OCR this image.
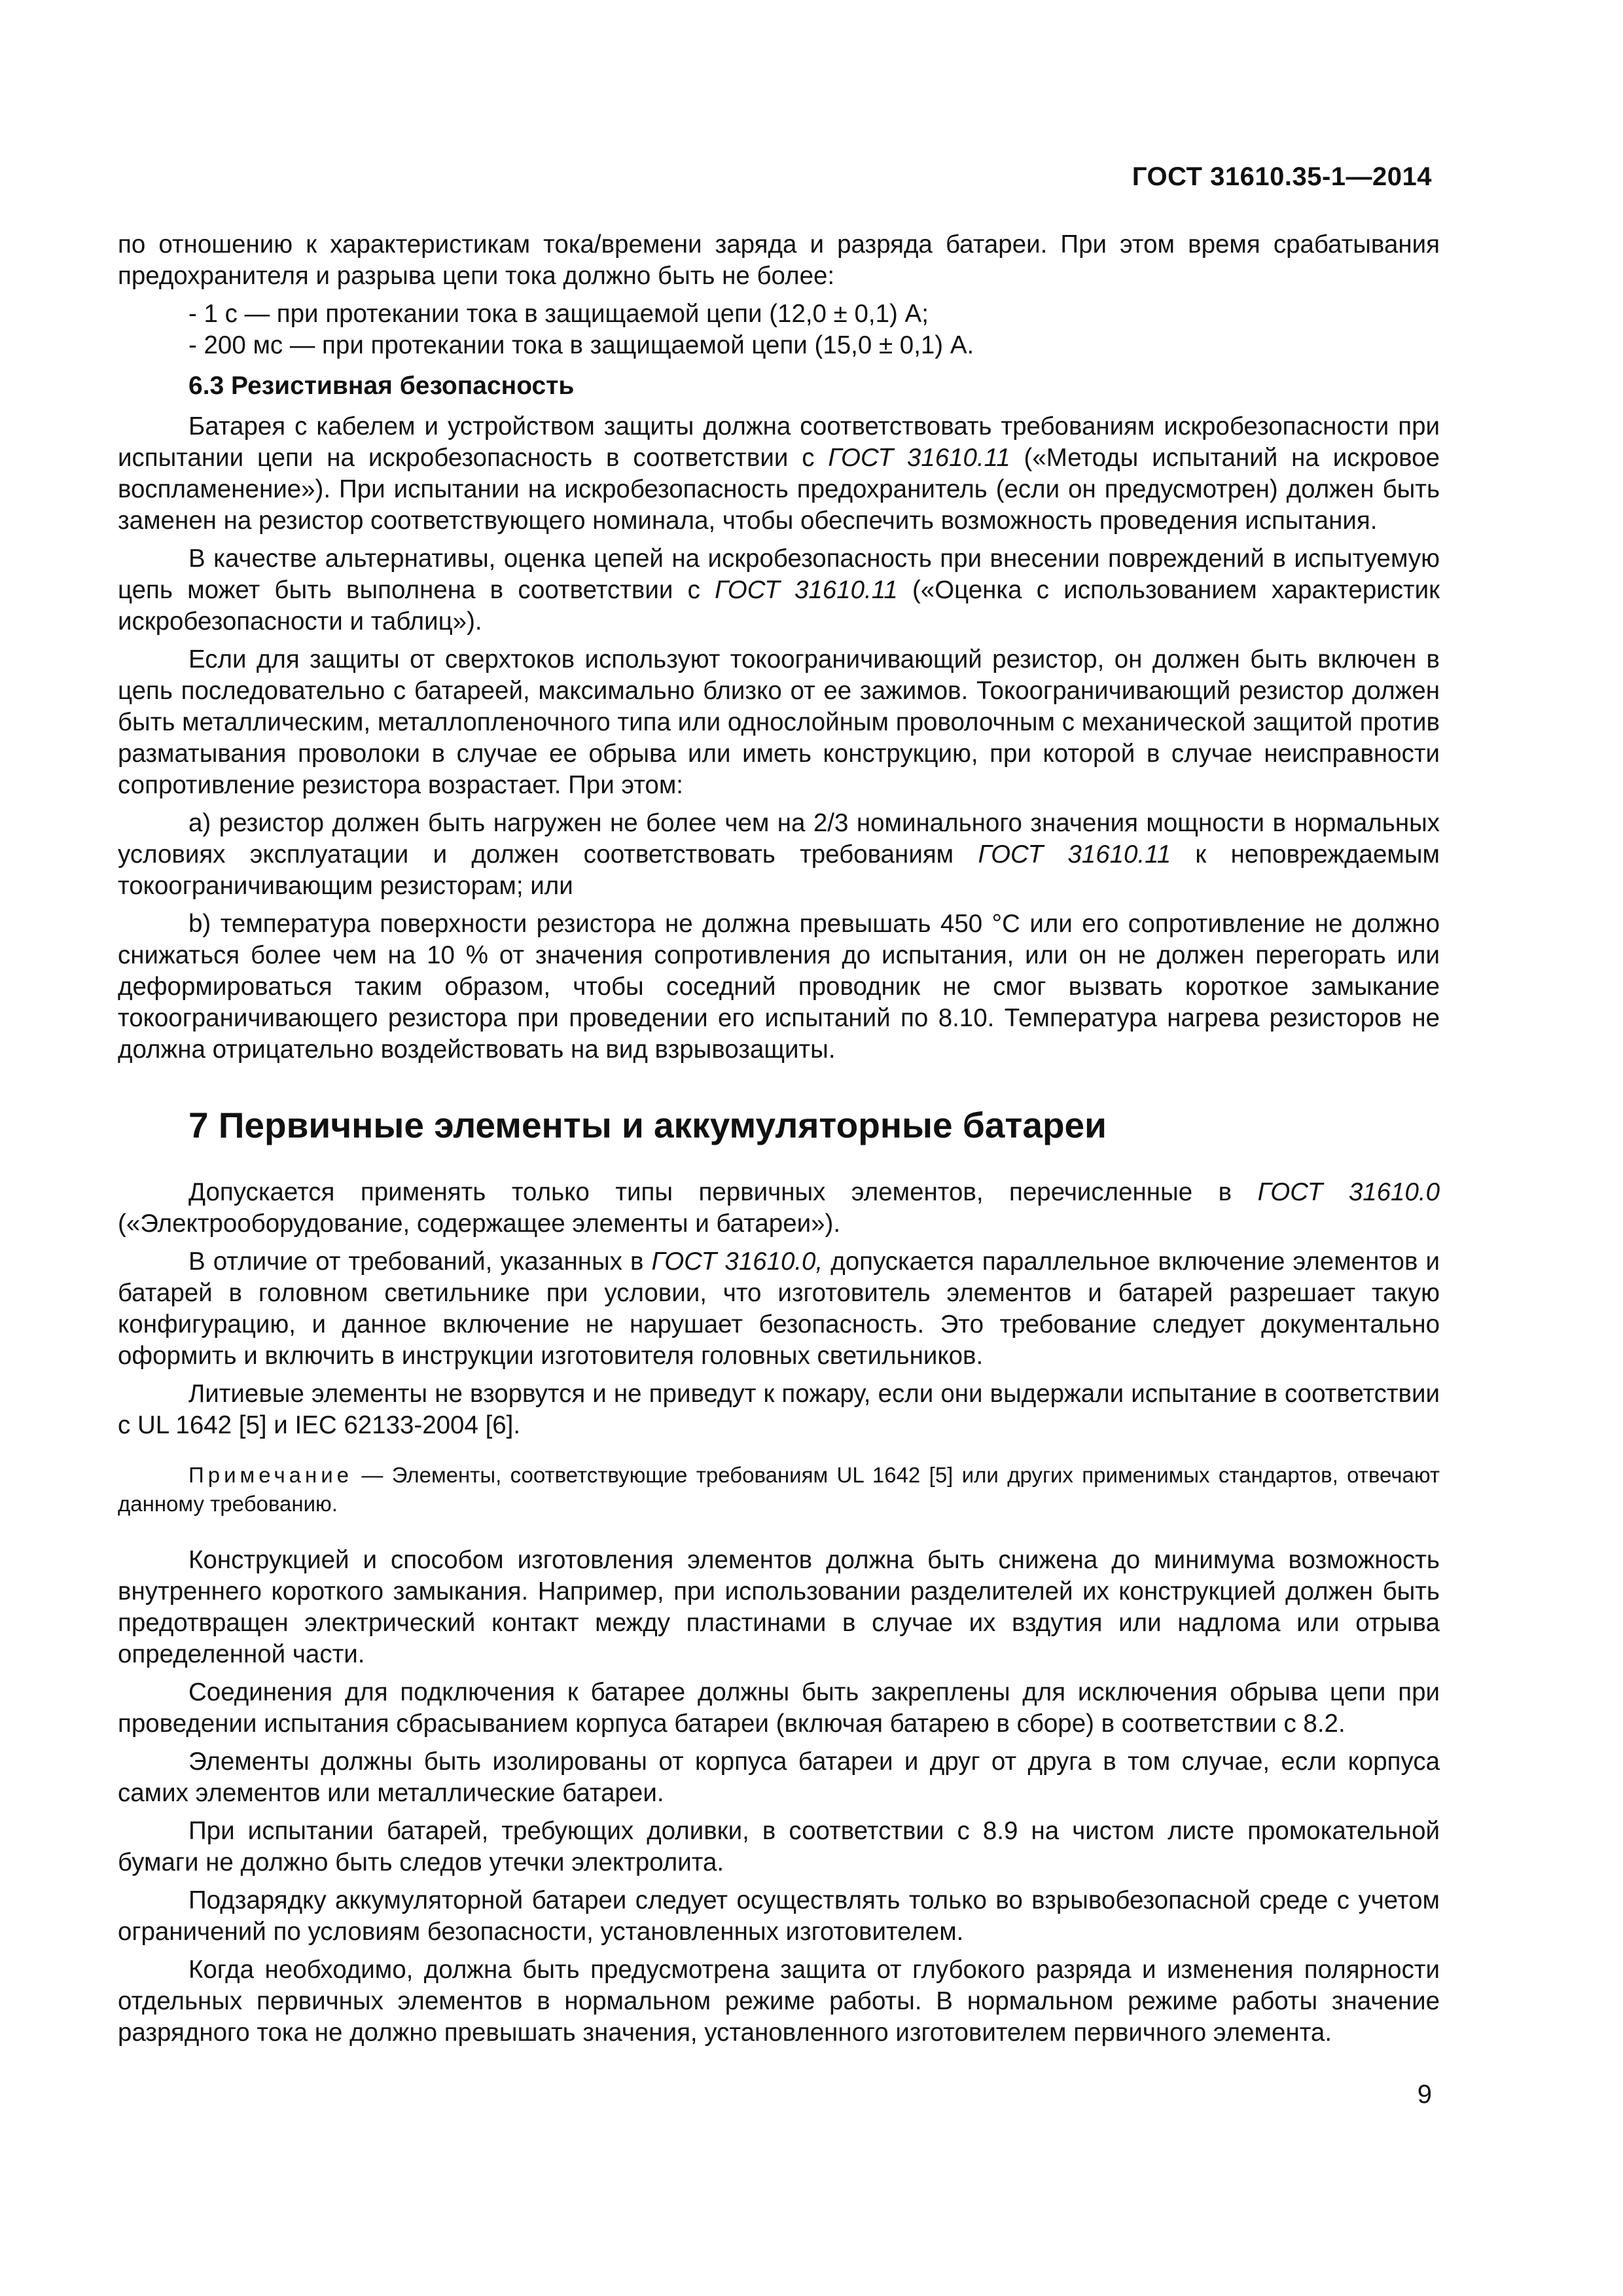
ГОСТ 31610.35-1—2014

по отношению к характеристикам тока/времени заряда и разряда батареи. При этом время срабатывания предохранителя и разрыва цепи тока должно быть не более:

- 1 с — при протекании тока в защищаемой цепи (12,0 ± 0,1) А;

- 200 мс — при протекании тока в защищаемой цепи (15,0 ± 0,1) А.

6.3 Резистивная безопасность

Батарея с кабелем и устройством защиты должна соответствовать требованиям искробезопасности при испытании цепи на искробезопасность в соответствии с ГОСТ 31610.11 («Методы испытаний на искровое воспламенение»). При испытании на искробезопасность предохранитель (если он предусмотрен) должен быть заменен на резистор соответствующего номинала, чтобы обеспечить возможность проведения испытания.

В качестве альтернативы, оценка цепей на искробезопасность при внесении повреждений в испытуемую цепь может быть выполнена в соответствии с ГОСТ 31610.11 («Оценка с использованием характеристик искробезопасности и таблиц»).

Если для защиты от сверхтоков используют токоограничивающий резистор, он должен быть включен в цепь последовательно с батареей, максимально близко от ее зажимов. Токоограничивающий резистор должен быть металлическим, металлопленочного типа или однослойным проволочным с механической защитой против разматывания проволоки в случае ее обрыва или иметь конструкцию, при которой в случае неисправности сопротивление резистора возрастает. При этом:

а) резистор должен быть нагружен не более чем на 2/3 номинального значения мощности в нормальных условиях эксплуатации и должен соответствовать требованиям ГОСТ 31610.11 к неповреждаемым токоограничивающим резисторам; или

b) температура поверхности резистора не должна превышать 450 °С или его сопротивление не должно снижаться более чем на 10 % от значения сопротивления до испытания, или он не должен перегорать или деформироваться таким образом, чтобы соседний проводник не смог вызвать короткое замыкание токоограничивающего резистора при проведении его испытаний по 8.10. Температура нагрева резисторов не должна отрицательно воздействовать на вид взрывозащиты.

7 Первичные элементы и аккумуляторные батареи

Допускается применять только типы первичных элементов, перечисленные в ГОСТ 31610.0 («Электрооборудование, содержащее элементы и батареи»).

В отличие от требований, указанных в ГОСТ 31610.0, допускается параллельное включение элементов и батарей в головном светильнике при условии, что изготовитель элементов и батарей разрешает такую конфигурацию, и данное включение не нарушает безопасность. Это требование следует документально оформить и включить в инструкции изготовителя головных светильников.

Литиевые элементы не взорвутся и не приведут к пожару, если они выдержали испытание в соответствии с UL 1642 [5] и IEC 62133-2004 [6].

Примечание — Элементы, соответствующие требованиям UL 1642 [5] или других применимых стандартов, отвечают данному требованию.

Конструкцией и способом изготовления элементов должна быть снижена до минимума возможность внутреннего короткого замыкания. Например, при использовании разделителей их конструкцией должен быть предотвращен электрический контакт между пластинами в случае их вздутия или надлома или отрыва определенной части.

Соединения для подключения к батарее должны быть закреплены для исключения обрыва цепи при проведении испытания сбрасыванием корпуса батареи (включая батарею в сборе) в соответствии с 8.2.

Элементы должны быть изолированы от корпуса батареи и друг от друга в том случае, если корпуса самих элементов или металлические батареи.

При испытании батарей, требующих доливки, в соответствии с 8.9 на чистом листе промокательной бумаги не должно быть следов утечки электролита.

Подзарядку аккумуляторной батареи следует осуществлять только во взрывобезопасной среде с учетом ограничений по условиям безопасности, установленных изготовителем.

Когда необходимо, должна быть предусмотрена защита от глубокого разряда и изменения полярности отдельных первичных элементов в нормальном режиме работы. В нормальном режиме работы значение разрядного тока не должно превышать значения, установленного изготовителем первичного элемента.

9
